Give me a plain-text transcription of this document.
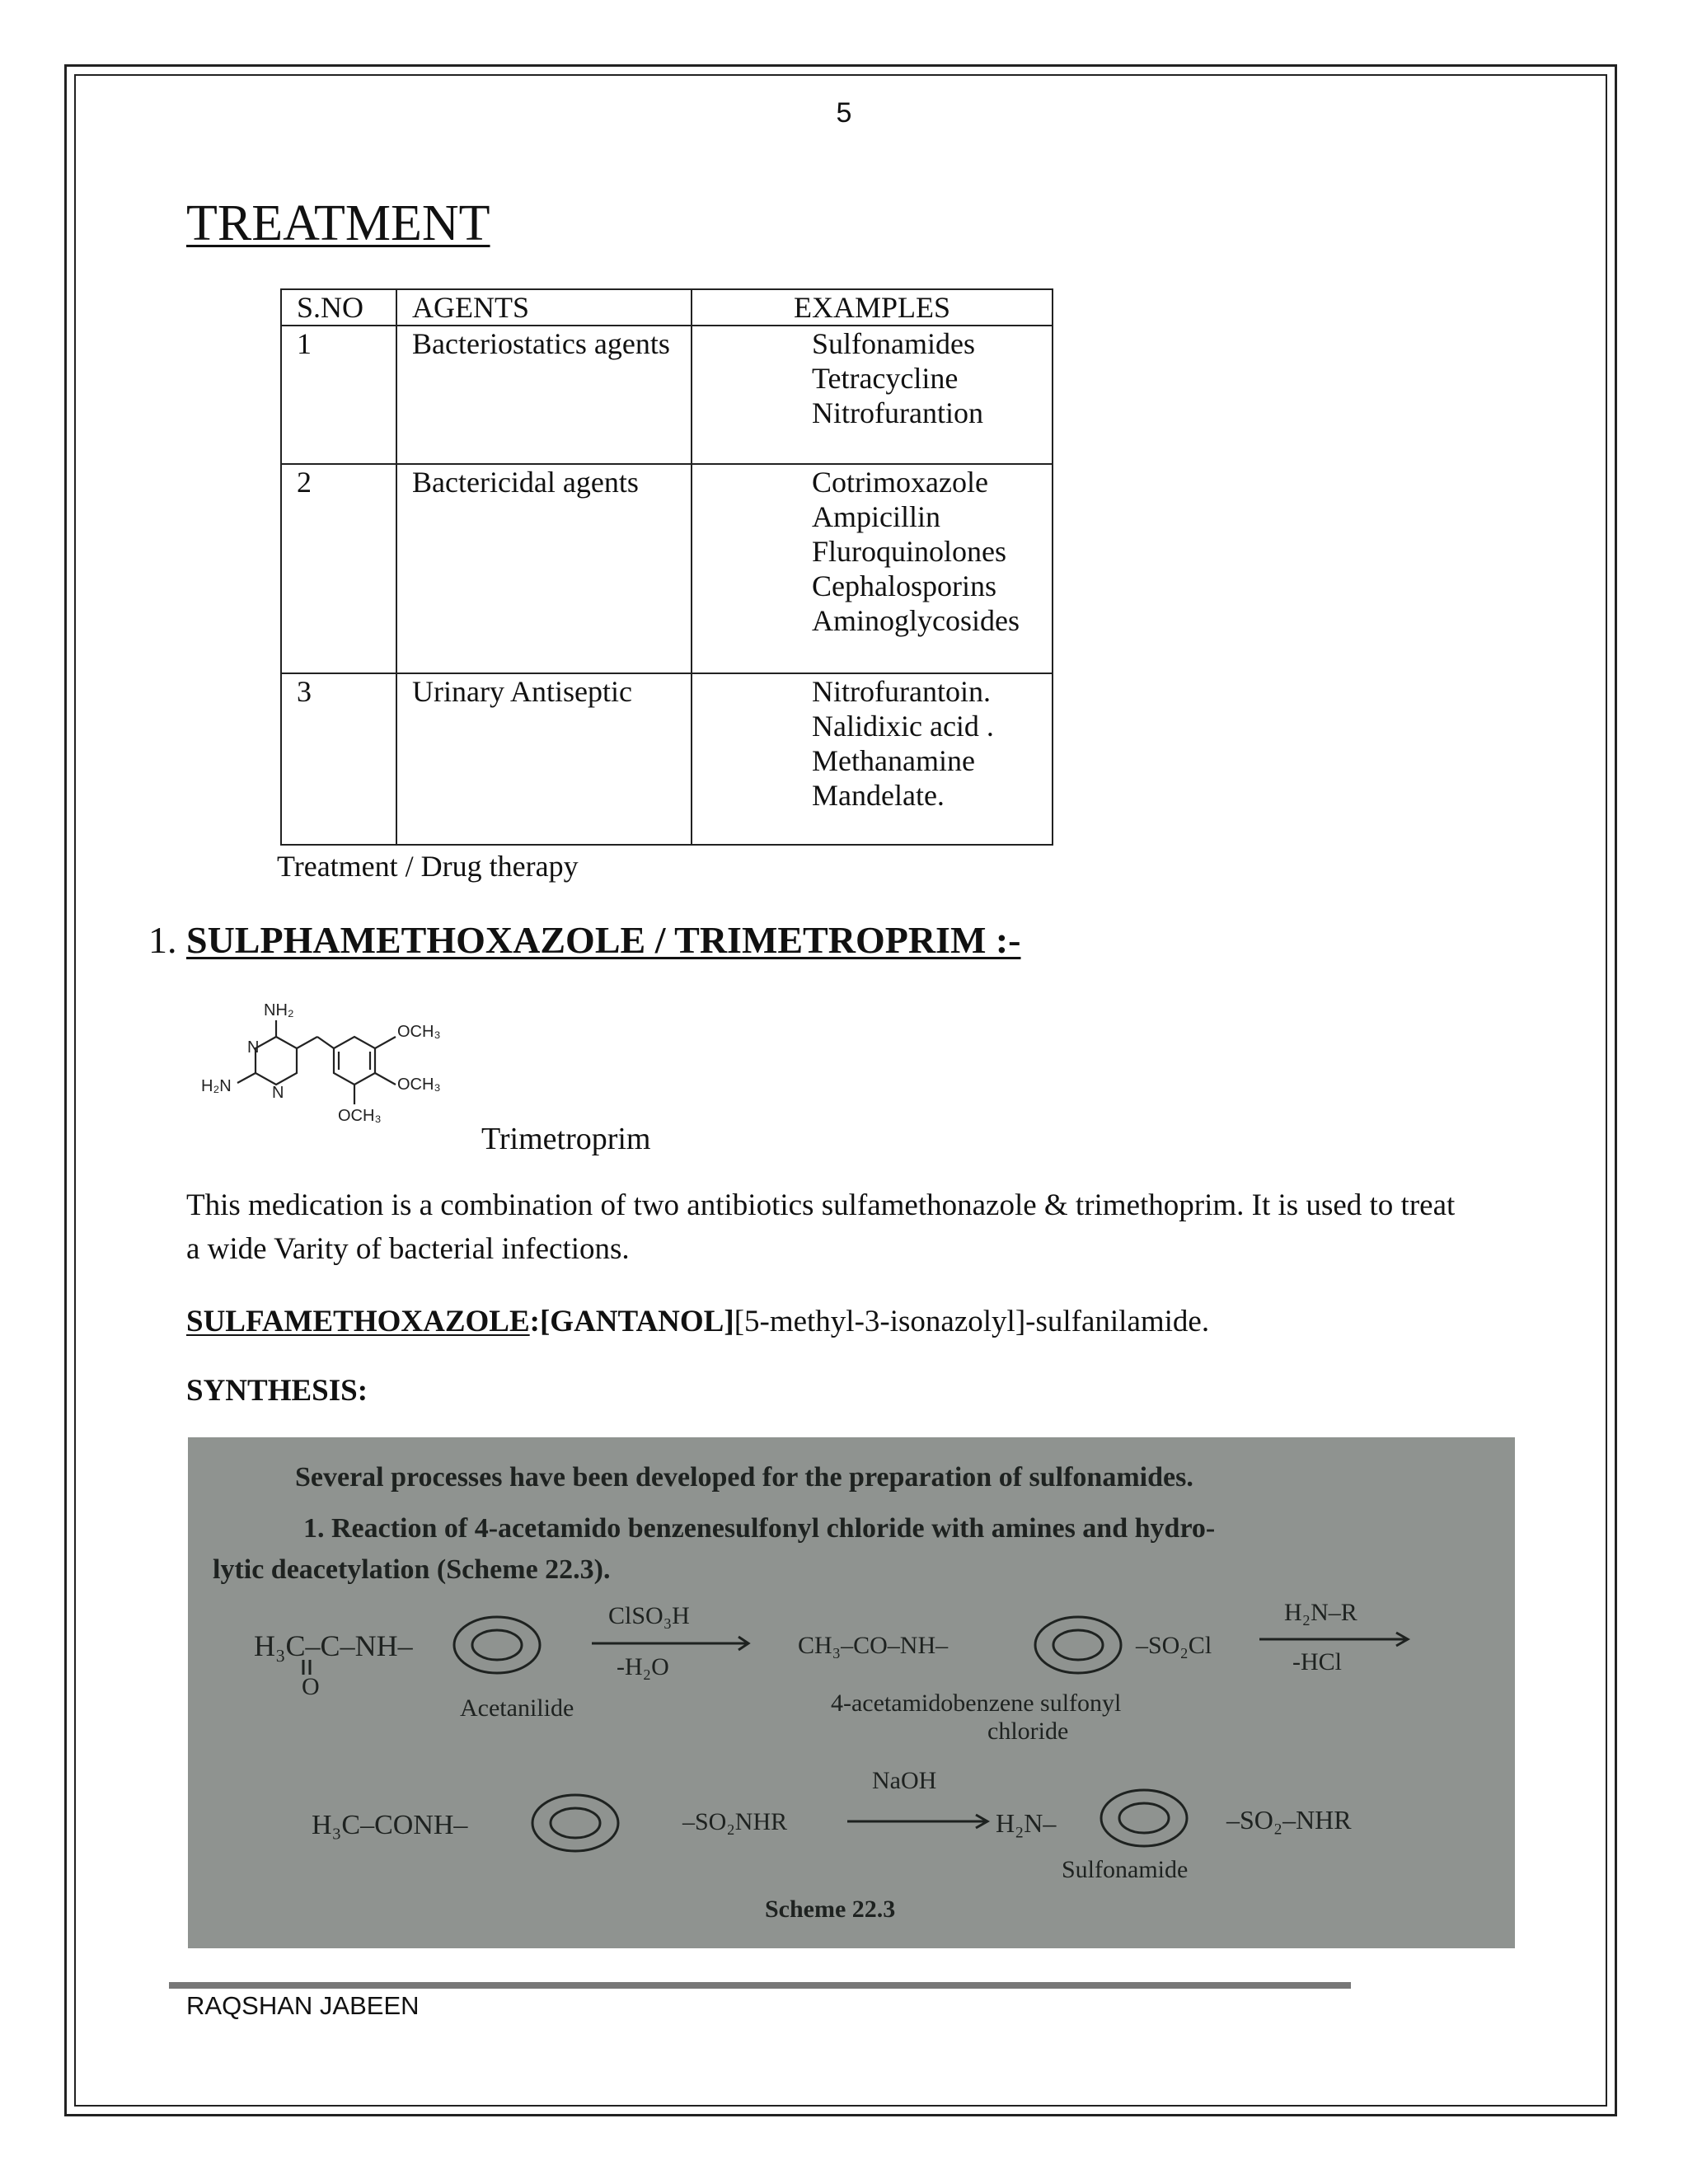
5
TREATMENT
S.NO	AGENTS	EXAMPLES
1	Bacteriostatics agents	Sulfonamides
Tetracycline
Nitrofurantion

2	Bactericidal agents	Cotrimoxazole
Ampicillin
Fluroquinolones
Cephalosporins
Aminoglycosides

3	Urinary Antiseptic	Nitrofurantoin.
Nalidixic acid .
Methanamine
Mandelate.
Treatment / Drug therapy
1. SULPHAMETHOXAZOLE / TRIMETROPRIM :-
NH₂
N
N
H₂N
OCH₃
OCH₃
OCH₃
Trimetroprim
This medication is a combination of two antibiotics sulfamethonazole & trimethoprim. It is used to treat a wide Varity of bacterial infections.
SULFAMETHOXAZOLE:[GANTANOL][5-methyl-3-isonazolyl]-sulfanilamide.
SYNTHESIS:
Several processes have been developed for the preparation of sulfonamides.
1. Reaction of 4-acetamido benzenesulfonyl chloride with amines and hydro-
lytic deacetylation (Scheme 22.3).
H₃C–C–NH–
O
ClSO₃H
-H₂O
Acetanilide
CH₃–CO–NH–	–SO₂Cl
4-acetamidobenzene sulfonyl
chloride
H₂N–R
-HCl
H₃C–CONH–	–SO₂NHR
NaOH
H₂N–	–SO₂–NHR
Sulfonamide
Scheme 22.3
RAQSHAN JABEEN
